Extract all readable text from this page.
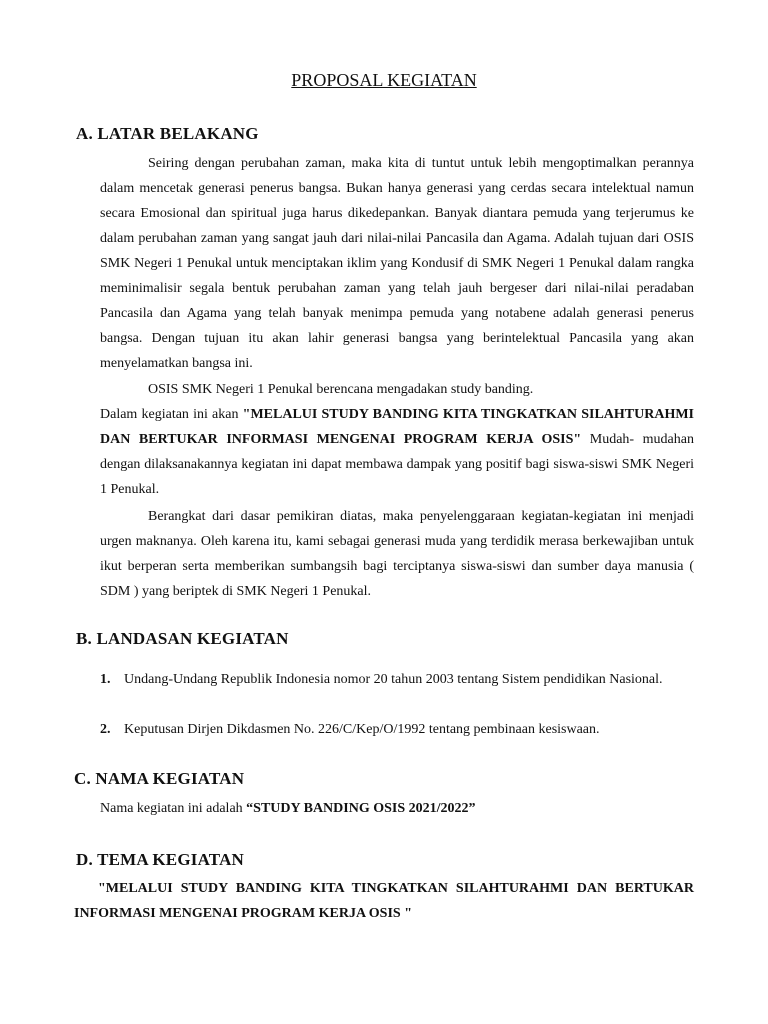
PROPOSAL KEGIATAN
A. LATAR BELAKANG
Seiring dengan perubahan zaman, maka kita di tuntut untuk lebih mengoptimalkan perannya dalam mencetak generasi penerus bangsa. Bukan hanya generasi yang cerdas secara intelektual namun secara Emosional dan spiritual juga harus dikedepankan. Banyak diantara pemuda yang terjerumus ke dalam perubahan zaman yang sangat jauh dari nilai-nilai Pancasila dan Agama. Adalah tujuan dari OSIS SMK Negeri 1 Penukal untuk menciptakan iklim yang Kondusif di SMK Negeri 1 Penukal dalam rangka meminimalisir segala bentuk perubahan zaman yang telah jauh bergeser dari nilai-nilai peradaban Pancasila dan Agama yang telah banyak menimpa pemuda yang notabene adalah generasi penerus bangsa. Dengan tujuan itu akan lahir generasi bangsa yang berintelektual Pancasila yang akan menyelamatkan bangsa ini.
OSIS SMK Negeri 1 Penukal berencana mengadakan study banding.
Dalam kegiatan ini akan "MELALUI STUDY BANDING KITA TINGKATKAN SILAHTURAHMI DAN BERTUKAR INFORMASI MENGENAI PROGRAM KERJA OSIS" Mudah- mudahan dengan dilaksanakannya kegiatan ini dapat membawa dampak yang positif bagi siswa-siswi SMK Negeri 1 Penukal.
Berangkat dari dasar pemikiran diatas, maka penyelenggaraan kegiatan-kegiatan ini menjadi urgen maknanya. Oleh karena itu, kami sebagai generasi muda yang terdidik merasa berkewajiban untuk ikut berperan serta memberikan sumbangsih bagi terciptanya siswa-siswi dan sumber daya manusia ( SDM ) yang beriptek di SMK Negeri 1 Penukal.
B. LANDASAN KEGIATAN
1. Undang-Undang Republik Indonesia nomor 20 tahun 2003 tentang Sistem pendidikan Nasional.
2. Keputusan Dirjen Dikdasmen No. 226/C/Kep/O/1992 tentang pembinaan kesiswaan.
C. NAMA KEGIATAN
Nama kegiatan ini adalah “STUDY BANDING OSIS 2021/2022”
D. TEMA KEGIATAN
"MELALUI STUDY BANDING KITA TINGKATKAN SILAHTURAHMI DAN BERTUKAR INFORMASI MENGENAI PROGRAM KERJA OSIS "
